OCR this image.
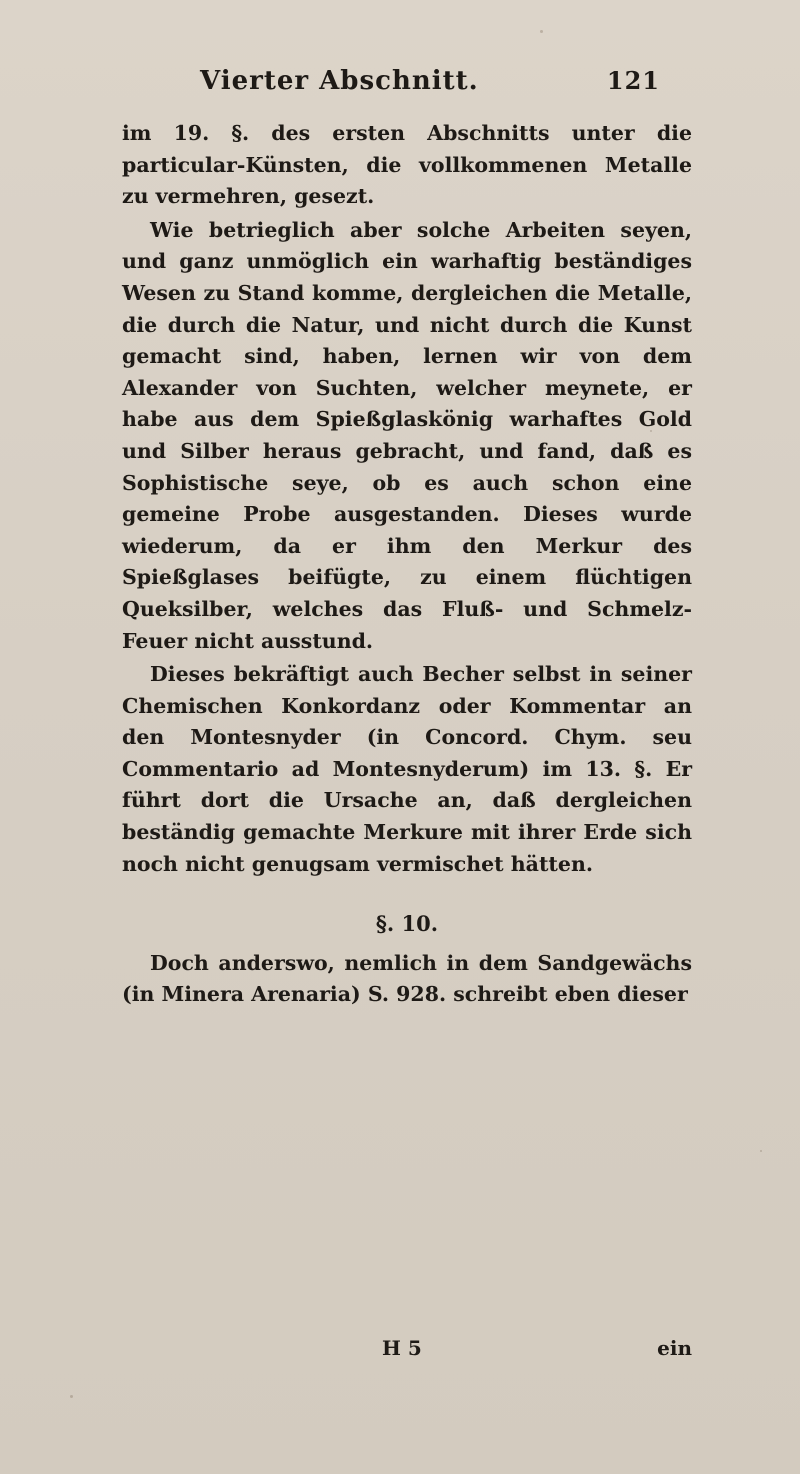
Vierter Abschnitt.	121

im 19. §. des ersten Abschnitts unter die particular-Künsten, die vollkommenen Metalle zu vermehren, gesezt.

Wie betrieglich aber solche Arbeiten seyen, und ganz unmöglich ein warhaftig beständiges Wesen zu Stand komme, dergleichen die Metalle, die durch die Natur, und nicht durch die Kunst gemacht sind, haben, lernen wir von dem Alexander von Suchten, welcher meynete, er habe aus dem Spießglaskönig warhaftes Gold und Silber heraus gebracht, und fand, daß es Sophistische seye, ob es auch schon eine gemeine Probe ausgestanden. Dieses wurde wiederum, da er ihm den Merkur des Spießglases beifügte, zu einem flüchtigen Queksilber, welches das Fluß- und Schmelz-Feuer nicht ausstund.

Dieses bekräftigt auch Becher selbst in seiner Chemischen Konkordanz oder Kommentar an den Montesnyder (in Concord. Chym. seu Commentario ad Montesnyderum) im 13. §. Er führt dort die Ursache an, daß dergleichen beständig gemachte Merkure mit ihrer Erde sich noch nicht genugsam vermischet hätten.

§. 10.

Doch anderswo, nemlich in dem Sandgewächs (in Minera Arenaria) S. 928. schreibt eben dieser

H 5	ein
